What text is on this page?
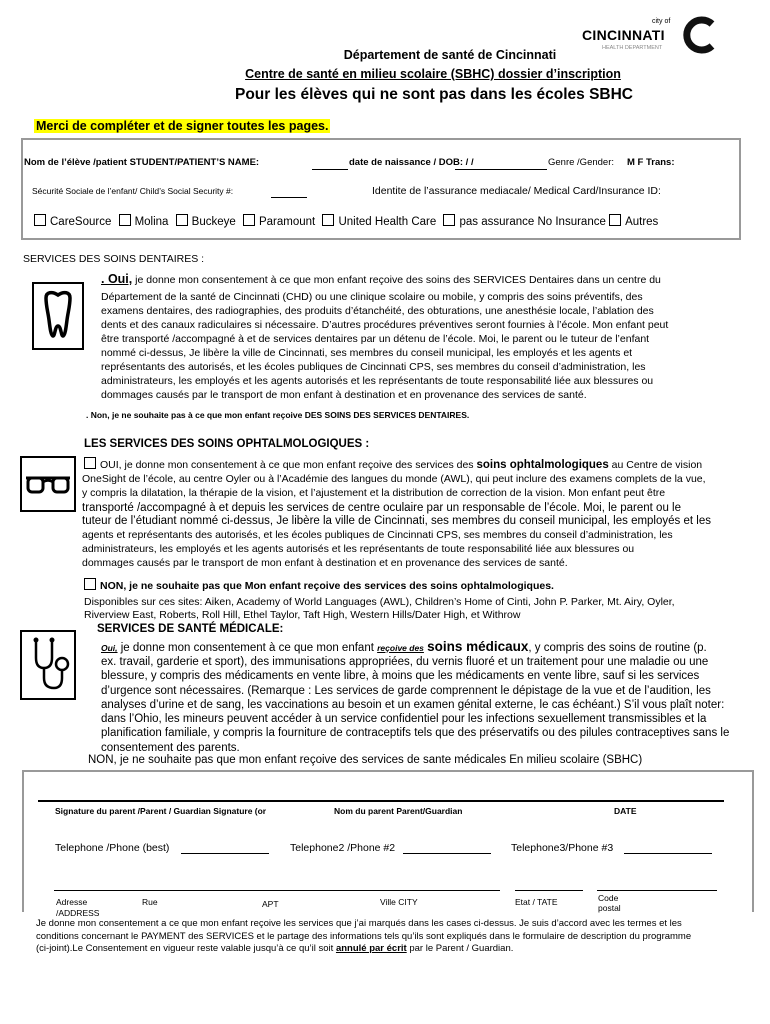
city of
CINCINNATI
HEALTH DEPARTMENT
Département de santé de Cincinnati
Centre de santé en milieu scolaire (SBHC) dossier d’inscription
Pour les élèves qui ne sont pas dans les écoles SBHC
Merci de compléter et de signer toutes les pages.
Nom de l’élève /patient STUDENT/PATIENT’S NAME:	date de naissance / DOB: / /	Genre /Gender: M F Trans:
Sécurité Sociale de l’enfant/ Child’s Social Security #:	Identite de l’assurance mediacale/ Medical Card/Insurance ID:
CareSource Molina Buckeye Paramount United Health Care pas assurance No Insurance Autres
SERVICES DES SOINS DENTAIRES :
. Oui, je donne mon consentement à ce que mon enfant reçoive des soins des SERVICES Dentaires dans un centre du
Département de la santé de Cincinnati (CHD) ou une clinique scolaire ou mobile, y compris des soins préventifs, des
examens dentaires, des radiographies, des produits d’étanchéité, des obturations, une anesthésie locale, l’ablation des
dents et des canaux radiculaires si nécessaire. D’autres procédures préventives seront fournies à l’école. Mon enfant peut
être transporté /accompagné à et de services dentaires par un détenu de l’école. Moi, le parent ou le tuteur de l’enfant
nommé ci-dessus, Je libère la ville de Cincinnati, ses membres du conseil municipal, les employés et les agents et
représentants des autorisés, et les écoles publiques de Cincinnati CPS, ses membres du conseil d’administration, les
administrateurs, les employés et les agents autorisés et les représentants de toute responsabilité liée aux blessures ou
dommages causés par le transport de mon enfant à destination et en provenance des services de santé.
. Non, je ne souhaite pas à ce que mon enfant reçoive DES SOINS DES SERVICES DENTAIRES.
LES SERVICES DES SOINS OPHTALMOLOGIQUES :
OUI, je donne mon consentement à ce que mon enfant reçoive des services des soins ophtalmologiques au Centre de vision
OneSight de l’école, au centre Oyler ou à l’Académie des langues du monde (AWL), qui peut inclure des examens complets de la vue,
y compris la dilatation, la thérapie de la vision, et l’ajustement et la distribution de correction de la vision. Mon enfant peut être
transporté /accompagné à et depuis les services de centre oculaire par un responsable de l’école. Moi, le parent ou le
tuteur de l’étudiant nommé ci-dessus, Je libère la ville de Cincinnati, ses membres du conseil municipal, les employés et les
agents et représentants des autorisés, et les écoles publiques de Cincinnati CPS, ses membres du conseil d’administration, les
administrateurs, les employés et les agents autorisés et les représentants de toute responsabilité liée aux blessures ou
dommages causés par le transport de mon enfant à destination et en provenance des services de santé.
NON, je ne souhaite pas que Mon enfant reçoive des services des soins ophtalmologiques.
Disponibles sur ces sites: Aiken, Academy of World Languages (AWL), Children’s Home of Cinti, John P. Parker, Mt. Airy, Oyler,
Riverview East, Roberts, Roll Hill, Ethel Taylor, Taft High, Western Hills/Dater High, et Withrow
SERVICES DE SANTÉ MÉDICALE:
Oui, je donne mon consentement à ce que mon enfant reçoive des soins médicaux, y compris des soins de routine (p.
ex. travail, garderie et sport), des immunisations appropriées, du vernis fluoré et un traitement pour une maladie ou une
blessure, y compris des médicaments en vente libre, à moins que les médicaments en vente libre, sauf si les services
d’urgence sont nécessaires. (Remarque : Les services de garde comprennent le dépistage de la vue et de l’audition, les
analyses d’urine et de sang, les vaccinations au besoin et un examen génital externe, le cas échéant.) S’il vous plaît noter:
dans l’Ohio, les mineurs peuvent accéder à un service confidentiel pour les infections sexuellement transmissibles et la
planification familiale, y compris la fourniture de contraceptifs tels que des préservatifs ou des pilules contraceptives sans le
consentement des parents.
NON, je ne souhaite pas que mon enfant reçoive des services de sante médicales En milieu scolaire (SBHC)
Signature du parent /Parent / Guardian Signature (or	Nom du parent Parent/Guardian	DATE
Telephone /Phone (best)	Telephone2 /Phone #2	Telephone3/Phone #3
Adresse
/ADDRESS
Rue	APT	Ville CITY	Etat / TATE	Code
postal
Je donne mon consentement a ce que mon enfant reçoive les services que j’ai marqués dans les cases ci-dessus. Je suis d’accord avec les termes et les
conditions concernant le PAYMENT des SERVICES et le partage des informations tels qu’ils sont expliqués dans le formulaire de description du programme
(ci-joint).Le Consentement en vigueur reste valable jusqu’à ce qu’il soit annulé par écrit par le Parent / Guardian.
